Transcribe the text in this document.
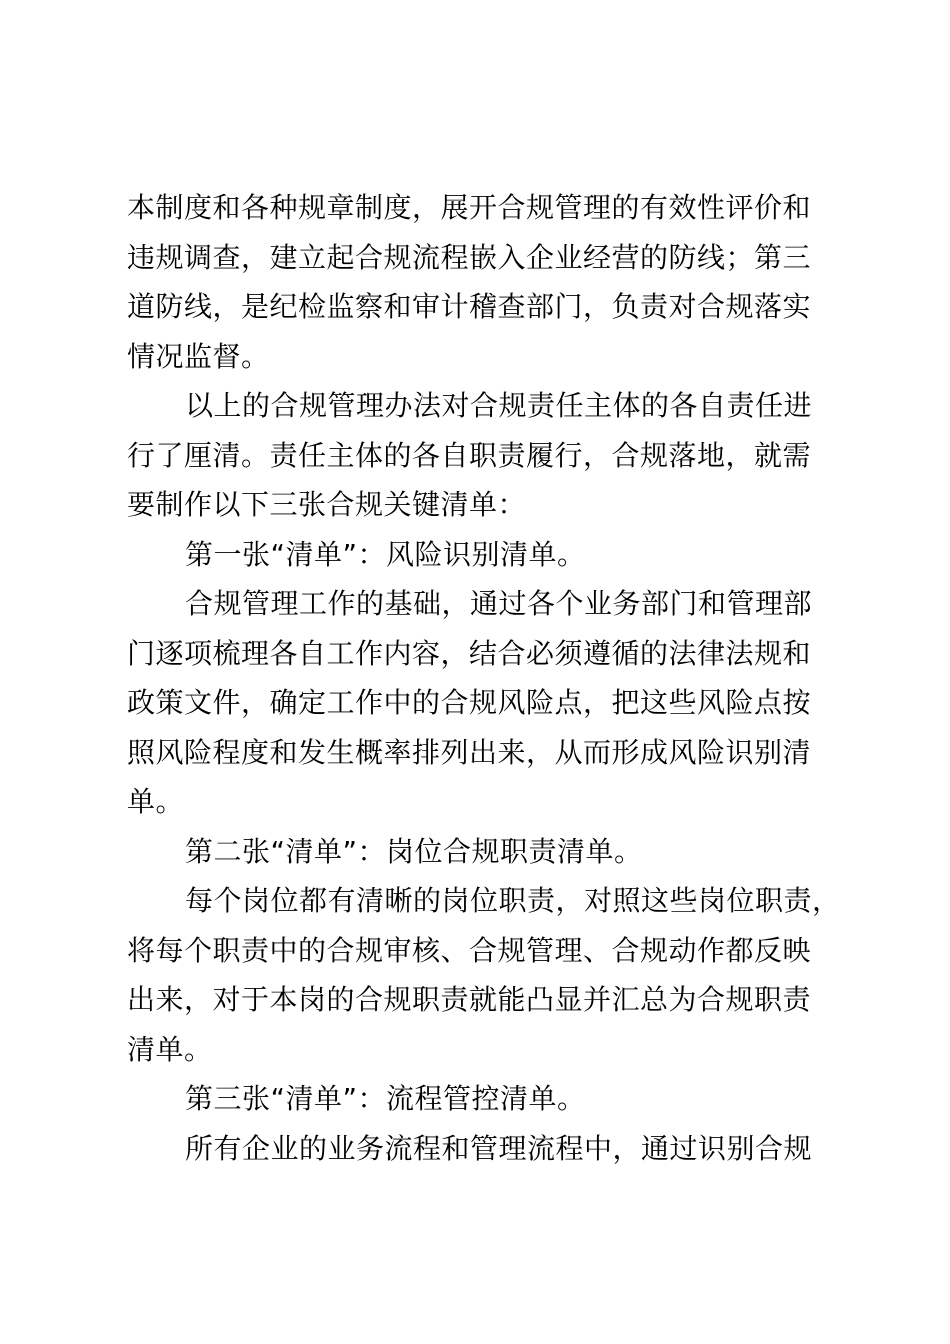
本制度和各种规章制度，展开合规管理的有效性评价和
违规调查，建立起合规流程嵌入企业经营的防线；第三
道防线，是纪检监察和审计稽查部门，负责对合规落实
情况监督。
以上的合规管理办法对合规责任主体的各自责任进
行了厘清。责任主体的各自职责履行，合规落地，就需
要制作以下三张合规关键清单：
第一张“清单”：风险识别清单。
合规管理工作的基础，通过各个业务部门和管理部
门逐项梳理各自工作内容，结合必须遵循的法律法规和
政策文件，确定工作中的合规风险点，把这些风险点按
照风险程度和发生概率排列出来，从而形成风险识别清
单。
第二张“清单”：岗位合规职责清单。
每个岗位都有清晰的岗位职责，对照这些岗位职责，
将每个职责中的合规审核、合规管理、合规动作都反映
出来，对于本岗的合规职责就能凸显并汇总为合规职责
清单。
第三张“清单”：流程管控清单。
所有企业的业务流程和管理流程中，通过识别合规
